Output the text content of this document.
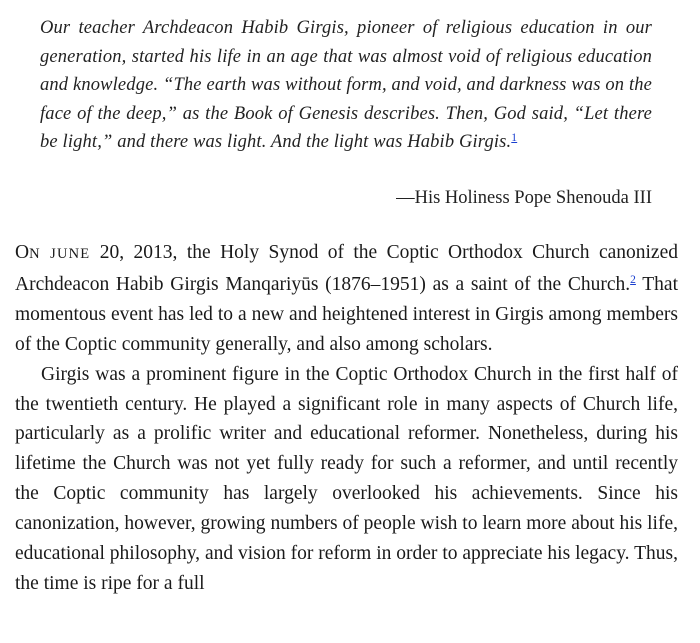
Our teacher Archdeacon Habib Girgis, pioneer of religious education in our generation, started his life in an age that was almost void of religious education and knowledge. “The earth was without form, and void, and darkness was on the face of the deep,” as the Book of Genesis describes. Then, God said, “Let there be light,” and there was light. And the light was Habib Girgis.$^1$
—His Holiness Pope Shenouda III

ON JUNE 20, 2013, the Holy Synod of the Coptic Orthodox Church canonized Archdeacon Habib Girgis Manqariyūs (1876–1951) as a saint of the Church.$^2$ That momentous event has led to a new and heightened interest in Girgis among members of the Coptic community generally, and also among scholars.

Girgis was a prominent figure in the Coptic Orthodox Church in the first half of the twentieth century. He played a significant role in many aspects of Church life, particularly as a prolific writer and educational reformer. Nonetheless, during his lifetime the Church was not yet fully ready for such a reformer, and until recently the Coptic community has largely overlooked his achievements. Since his canonization, however, growing numbers of people wish to learn more about his life, educational philosophy, and vision for reform in order to appreciate his legacy. Thus, the time is ripe for a full
